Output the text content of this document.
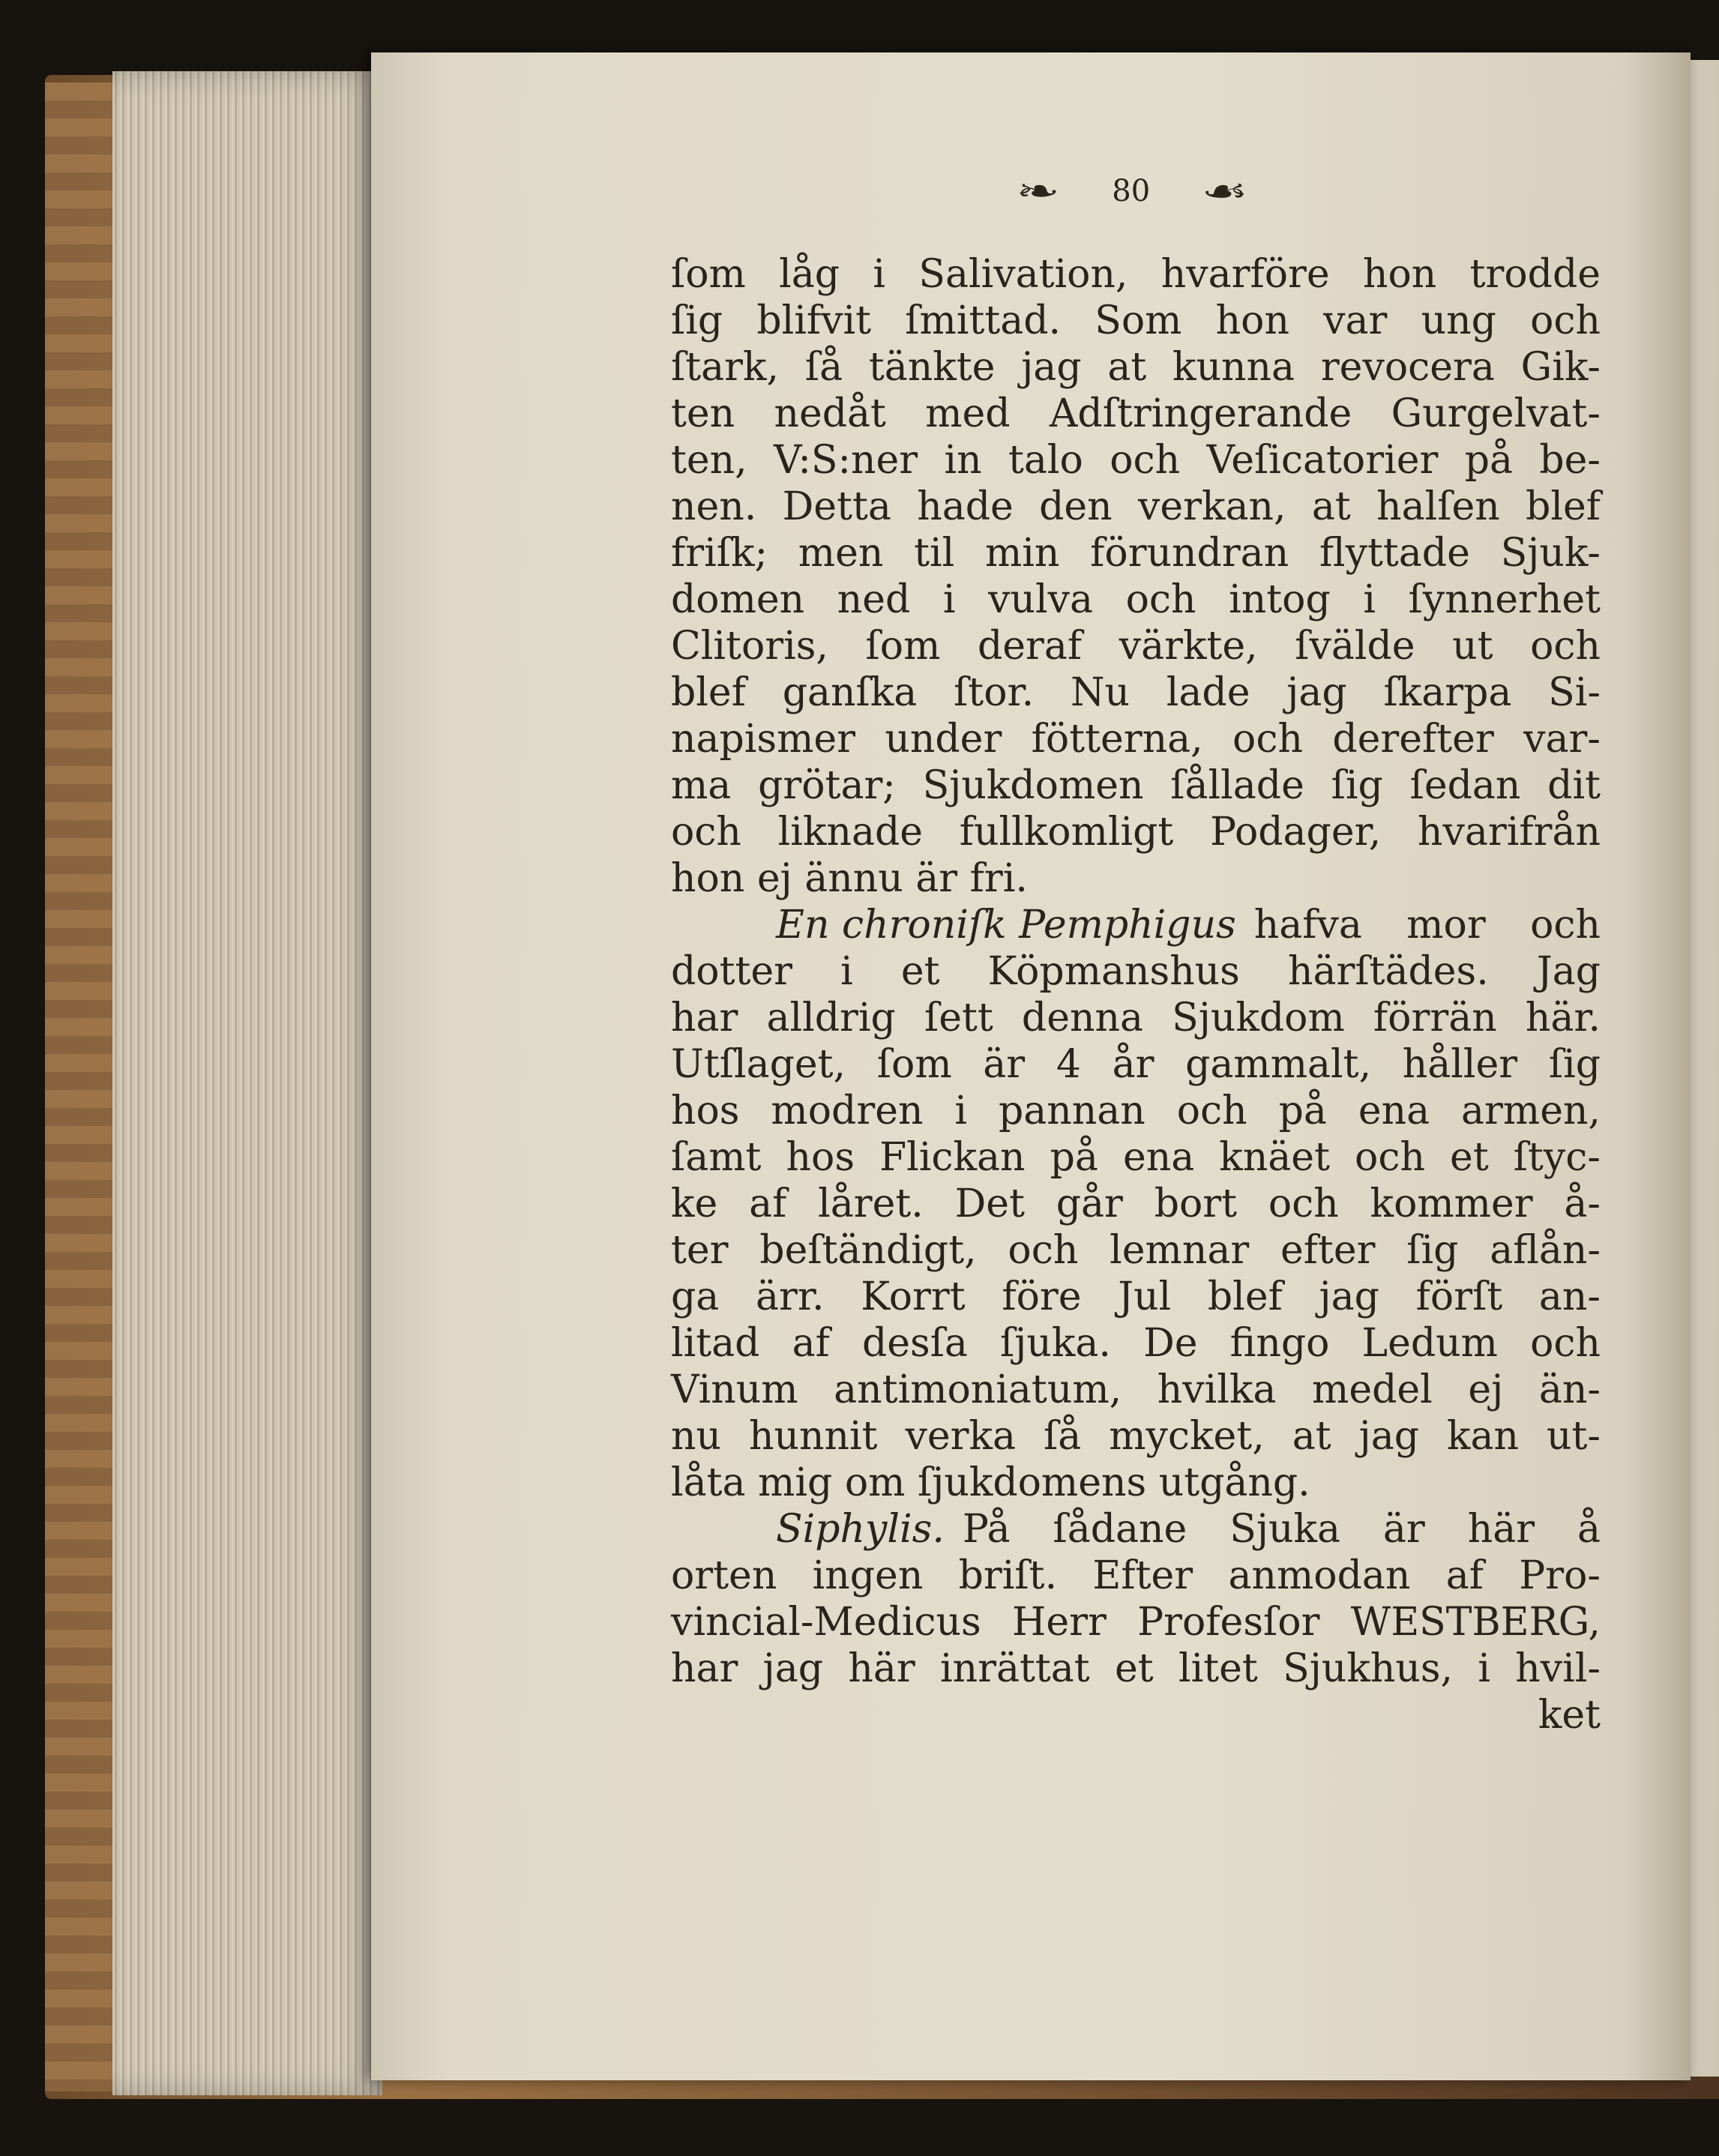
❧ 80 ☙
ſom låg i Salivation, hvarföre hon trodde
ſig blifvit ſmittad. Som hon var ung och
ſtark, ſå tänkte jag at kunna revocera Gik-
ten nedåt med Adſtringerande Gurgelvat-
ten, V:S:ner in talo och Veſicatorier på be-
nen. Detta hade den verkan, at halſen blef
friſk; men til min förundran flyttade Sjuk-
domen ned i vulva och intog i ſynnerhet
Clitoris, ſom deraf värkte, ſvälde ut och
blef ganſka ſtor. Nu lade jag ſkarpa Si-
napismer under fötterna, och derefter var-
ma grötar; Sjukdomen ſållade ſig ſedan dit
och liknade fullkomligt Podager, hvarifrån
hon ej ännu är fri.
En chroniſk Pemphigus hafva mor och
dotter i et Köpmanshus härſtädes. Jag
har alldrig ſett denna Sjukdom förrän här.
Utſlaget, ſom är 4 år gammalt, håller ſig
hos modren i pannan och på ena armen,
ſamt hos Flickan på ena knäet och et ſtyc-
ke af låret. Det går bort och kommer å-
ter beſtändigt, och lemnar efter ſig aflån-
ga ärr. Korrt före Jul blef jag förſt an-
litad af desſa ſjuka. De fingo Ledum och
Vinum antimoniatum, hvilka medel ej än-
nu hunnit verka ſå mycket, at jag kan ut-
låta mig om ſjukdomens utgång.
Siphylis. På ſådane Sjuka är här å
orten ingen briſt. Efter anmodan af Pro-
vincial-Medicus Herr Profesſor WESTBERG,
har jag här inrättat et litet Sjukhus, i hvil-
ket
